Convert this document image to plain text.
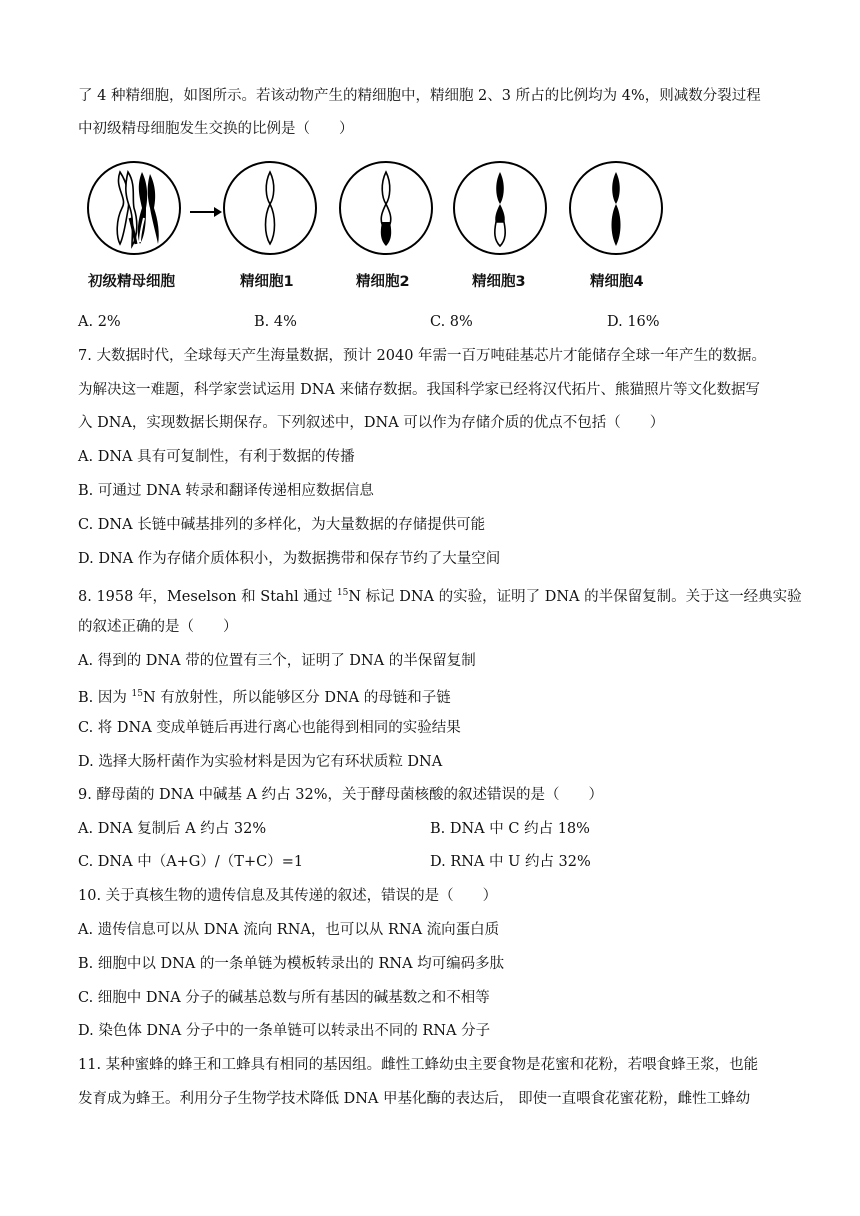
了 4 种精细胞，如图所示。若该动物产生的精细胞中，精细胞 2、3 所占的比例均为 4%，则减数分裂过程
中初级精母细胞发生交换的比例是（　　）
初级精母细胞	精细胞1	精细胞2	精细胞3	精细胞4
A. 2%	B. 4%	C. 8%	D. 16%
7. 大数据时代，全球每天产生海量数据，预计 2040 年需一百万吨硅基芯片才能储存全球一年产生的数据。
为解决这一难题，科学家尝试运用 DNA 来储存数据。我国科学家已经将汉代拓片、熊猫照片等文化数据写
入 DNA，实现数据长期保存。下列叙述中，DNA 可以作为存储介质的优点不包括（　　）
A. DNA 具有可复制性，有利于数据的传播
B. 可通过 DNA 转录和翻译传递相应数据信息
C. DNA 长链中碱基排列的多样化，为大量数据的存储提供可能
D. DNA 作为存储介质体积小，为数据携带和保存节约了大量空间
8. 1958 年，Meselson 和 Stahl 通过 $^{15}$N 标记 DNA 的实验，证明了 DNA 的半保留复制。关于这一经典实验
的叙述正确的是（　　）
A. 得到的 DNA 带的位置有三个，证明了 DNA 的半保留复制
B. 因为 $^{15}$N 有放射性，所以能够区分 DNA 的母链和子链
C. 将 DNA 变成单链后再进行离心也能得到相同的实验结果
D. 选择大肠杆菌作为实验材料是因为它有环状质粒 DNA
9. 酵母菌的 DNA 中碱基 A 约占 32%，关于酵母菌核酸的叙述错误的是（　　）
A. DNA 复制后 A 约占 32%	B. DNA 中 C 约占 18%
C. DNA 中（A+G）/（T+C）=1	D. RNA 中 U 约占 32%
10. 关于真核生物的遗传信息及其传递的叙述，错误的是（　　）
A. 遗传信息可以从 DNA 流向 RNA，也可以从 RNA 流向蛋白质
B. 细胞中以 DNA 的一条单链为模板转录出的 RNA 均可编码多肽
C. 细胞中 DNA 分子的碱基总数与所有基因的碱基数之和不相等
D. 染色体 DNA 分子中的一条单链可以转录出不同的 RNA 分子
11. 某种蜜蜂的蜂王和工蜂具有相同的基因组。雌性工蜂幼虫主要食物是花蜜和花粉，若喂食蜂王浆，也能
发育成为蜂王。利用分子生物学技术降低 DNA 甲基化酶的表达后， 即使一直喂食花蜜花粉，雌性工蜂幼
